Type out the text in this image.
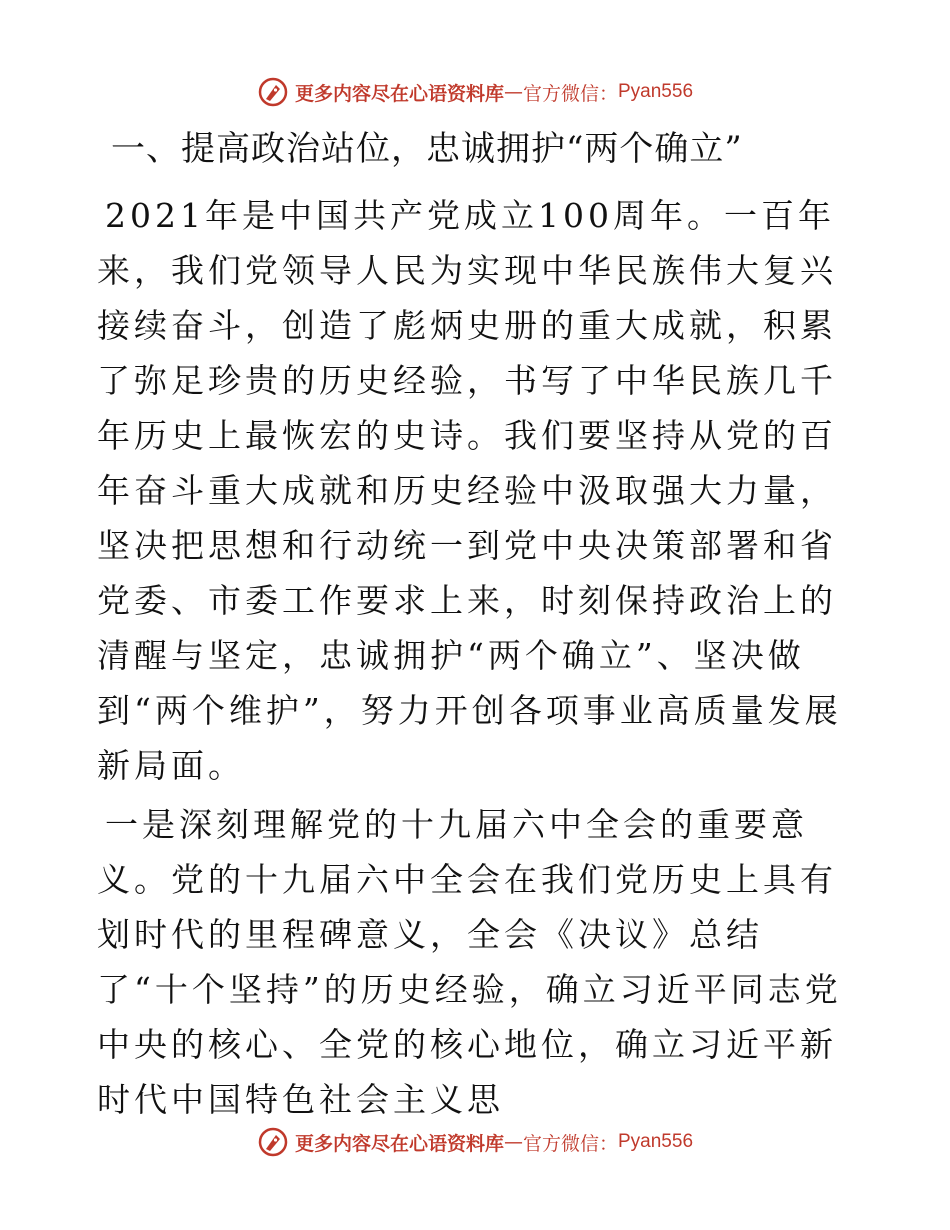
更多内容尽在心语资料库 — 官方微信： Pyan556
一、提高政治站位，忠诚拥护“两个确立”

2021年是中国共产党成立100周年。一百年来，我们党领导人民为实现中华民族伟大复兴接续奋斗，创造了彪炳史册的重大成就，积累了弥足珍贵的历史经验，书写了中华民族几千年历史上最恢宏的史诗。我们要坚持从党的百年奋斗重大成就和历史经验中汲取强大力量，坚决把思想和行动统一到党中央决策部署和省党委、市委工作要求上来，时刻保持政治上的清醒与坚定，忠诚拥护“两个确立”、坚决做到“两个维护”，努力开创各项事业高质量发展新局面。

一是深刻理解党的十九届六中全会的重要意义。党的十九届六中全会在我们党历史上具有划时代的里程碑意义，全会《决议》总结了“十个坚持”的历史经验，确立习近平同志党中央的核心、全党的核心地位，确立习近平新时代中国特色社会主义思

更多内容尽在心语资料库 — 官方微信： Pyan556
